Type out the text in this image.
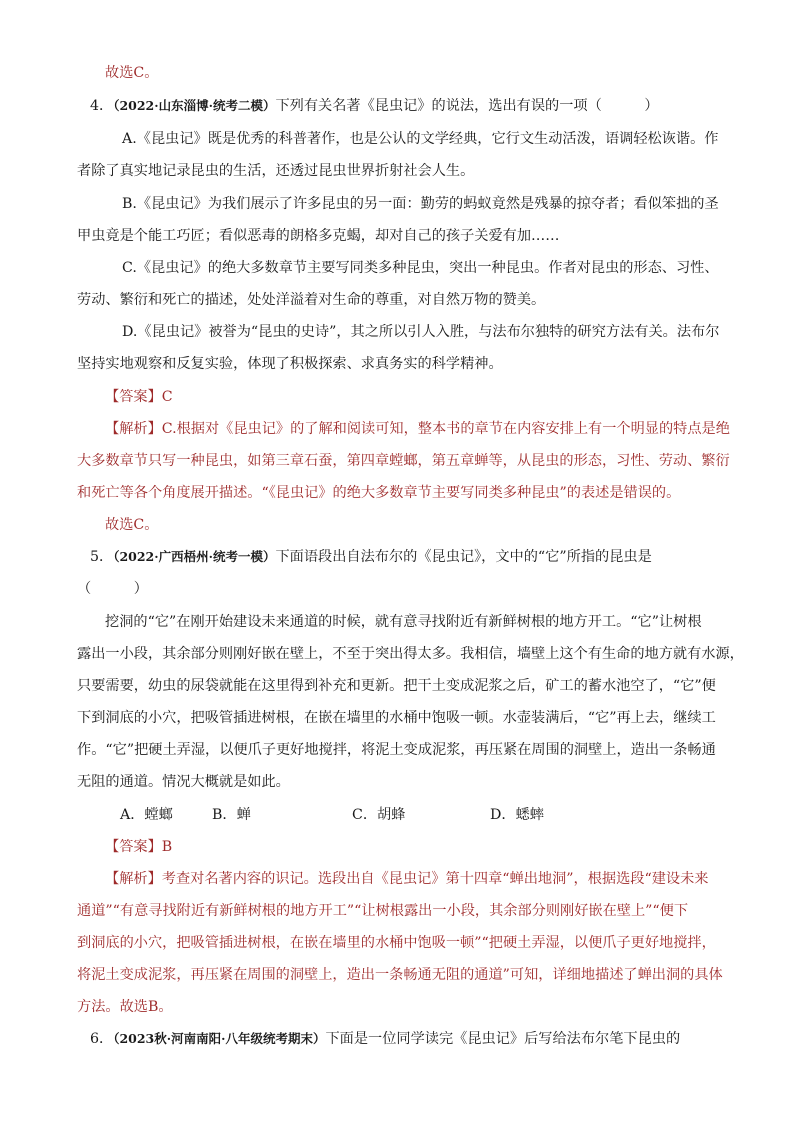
故选C。
4．（2022·山东淄博·统考二模）下列有关名著《昆虫记》的说法，选出有误的一项（　　　）
A.《昆虫记》既是优秀的科普著作，也是公认的文学经典，它行文生动活泼，语调轻松诙谐。作
者除了真实地记录昆虫的生活，还透过昆虫世界折射社会人生。
B.《昆虫记》为我们展示了许多昆虫的另一面：勤劳的蚂蚁竟然是残暴的掠夺者；看似笨拙的圣
甲虫竟是个能工巧匠；看似恶毒的朗格多克蝎，却对自己的孩子关爱有加……
C.《昆虫记》的绝大多数章节主要写同类多种昆虫，突出一种昆虫。作者对昆虫的形态、习性、
劳动、繁衍和死亡的描述，处处洋溢着对生命的尊重，对自然万物的赞美。
D.《昆虫记》被誉为“昆虫的史诗”，其之所以引人入胜，与法布尔独特的研究方法有关。法布尔
坚持实地观察和反复实验，体现了积极探索、求真务实的科学精神。
【答案】C
【解析】C.根据对《昆虫记》的了解和阅读可知，整本书的章节在内容安排上有一个明显的特点是绝
大多数章节只写一种昆虫，如第三章石蚕，第四章螳螂，第五章蝉等，从昆虫的形态，习性、劳动、繁衍
和死亡等各个角度展开描述。“《昆虫记》的绝大多数章节主要写同类多种昆虫”的表述是错误的。
故选C。
5．（2022·广西梧州·统考一模）下面语段出自法布尔的《昆虫记》，文中的“它”所指的昆虫是
（　　　）
挖洞的“它”在刚开始建设未来通道的时候，就有意寻找附近有新鲜树根的地方开工。“它”让树根
露出一小段，其余部分则刚好嵌在壁上，不至于突出得太多。我相信，墙壁上这个有生命的地方就有水源，
只要需要，幼虫的尿袋就能在这里得到补充和更新。把干土变成泥浆之后，矿工的蓄水池空了，“它”便
下到洞底的小穴，把吸管插进树根，在嵌在墙里的水桶中饱吸一顿。水壶装满后，“它”再上去，继续工
作。“它”把硬土弄湿，以便爪子更好地搅拌，将泥土变成泥浆，再压紧在周围的洞壁上，造出一条畅通
无阻的通道。情况大概就是如此。
A．螳螂	B．蝉	C．胡蜂	D．蟋蟀
【答案】B
【解析】考查对名著内容的识记。选段出自《昆虫记》第十四章“蝉出地洞”，根据选段“建设未来
通道”“有意寻找附近有新鲜树根的地方开工”“让树根露出一小段，其余部分则刚好嵌在壁上”“便下
到洞底的小穴，把吸管插进树根，在嵌在墙里的水桶中饱吸一顿”“把硬土弄湿，以便爪子更好地搅拌，
将泥土变成泥浆，再压紧在周围的洞壁上，造出一条畅通无阻的通道”可知，详细地描述了蝉出洞的具体
方法。故选B。
6．（2023秋·河南南阳·八年级统考期末）下面是一位同学读完《昆虫记》后写给法布尔笔下昆虫的
